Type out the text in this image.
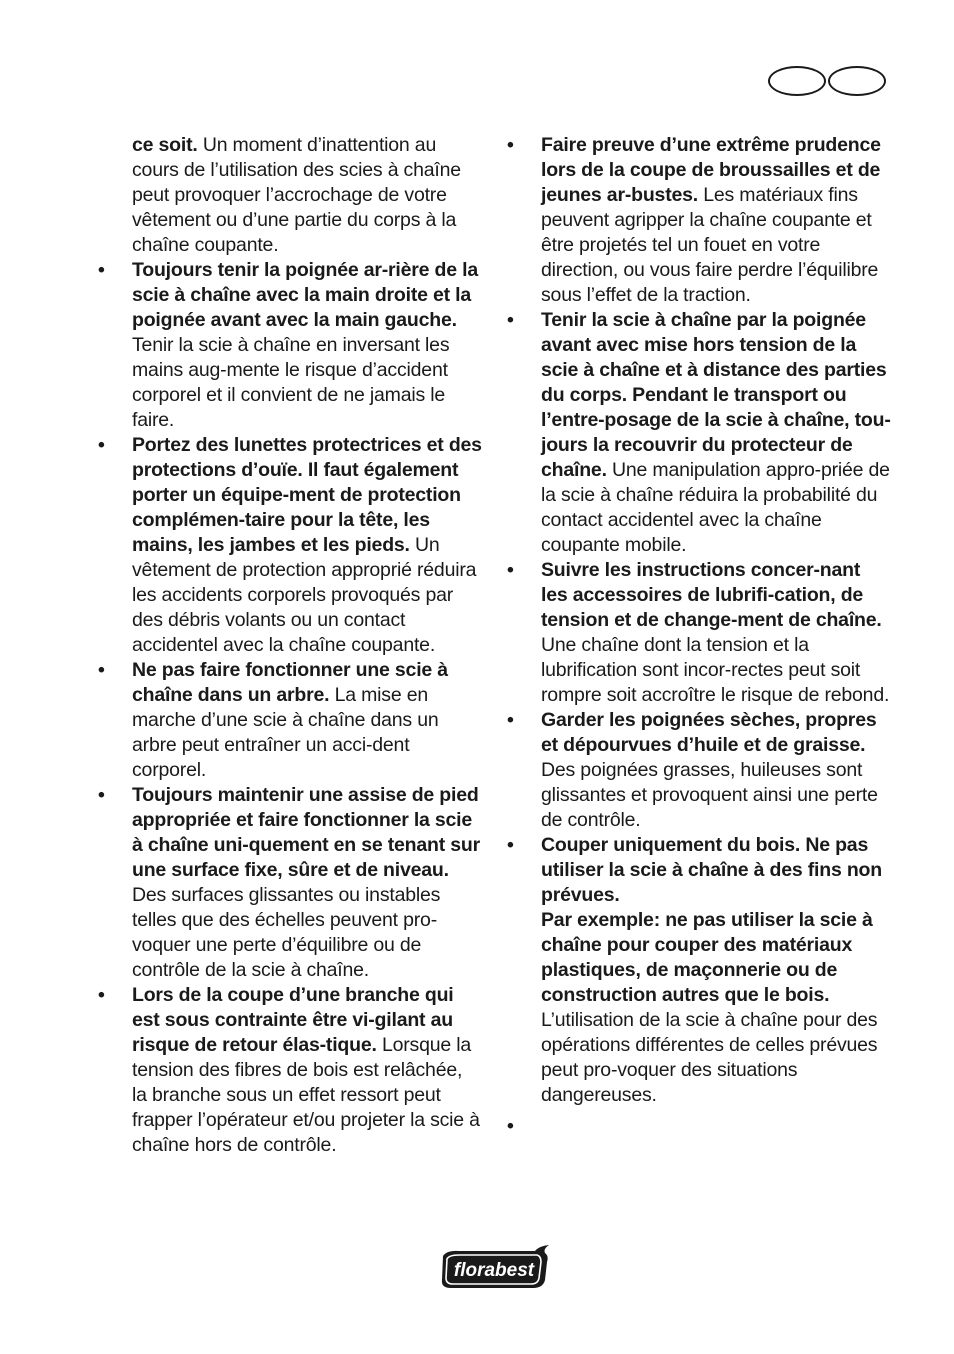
ce soit. Un moment d’inattention au cours de l’utilisation des scies à chaîne peut provoquer l’accrochage de votre vêtement ou d’une partie du corps à la chaîne coupante.
•	Toujours tenir la poignée ar-rière de la scie à chaîne avec la main droite et la poignée avant avec la main gauche. Tenir la scie à chaîne en inversant les mains aug-mente le risque d’accident corporel et il convient de ne jamais le faire.
•	Portez des lunettes protectrices et des protections d’ouïe. Il faut également porter un équipe-ment de protection complémen-taire pour la tête, les mains, les jambes et les pieds. Un vêtement de protection approprié réduira les accidents corporels provoqués par des débris volants ou un contact accidentel avec la chaîne coupante.
•	Ne pas faire fonctionner une scie à chaîne dans un arbre. La mise en marche d’une scie à chaîne dans un arbre peut entraîner un acci-dent corporel.
•	Toujours maintenir une assise de pied appropriée et faire fonctionner la scie à chaîne uni-quement en se tenant sur une surface fixe, sûre et de niveau. Des surfaces glissantes ou instables telles que des échelles peuvent pro-voquer une perte d’équilibre ou de contrôle de la scie à chaîne.
•	Lors de la coupe d’une branche qui est sous contrainte être vi-gilant au risque de retour élas-tique. Lorsque la tension des fibres de bois est relâchée, la branche sous un effet ressort peut frapper l’opérateur et/ou projeter la scie à chaîne hors de contrôle.
•	Faire preuve d’une extrême prudence lors de la coupe de broussailles et de jeunes ar-bustes. Les matériaux fins peuvent agripper la chaîne coupante et être projetés tel un fouet en votre direction, ou vous faire perdre l’équilibre sous l’effet de la traction.
•	Tenir la scie à chaîne par la poignée avant avec mise hors tension de la scie à chaîne et à distance des parties du corps. Pendant le transport ou l’entre-posage de la scie à chaîne, tou-jours la recouvrir du protecteur de chaîne. Une manipulation appro-priée de la scie à chaîne réduira la probabilité du contact accidentel avec la chaîne coupante mobile.
•	Suivre les instructions concer-nant les accessoires de lubrifi-cation, de tension et de change-ment de chaîne. Une chaîne dont la tension et la lubrification sont incor-rectes peut soit rompre soit accroître le risque de rebond.
•	Garder les poignées sèches, propres et dépourvues d’huile et de graisse. Des poignées grasses, huileuses sont glissantes et provoquent ainsi une perte de contrôle.
•	Couper uniquement du bois. Ne pas utiliser la scie à chaîne à des fins non prévues.
Par exemple: ne pas utiliser la scie à chaîne pour couper des matériaux plastiques, de maçonnerie ou de construction autres que le bois.
L’utilisation de la scie à chaîne pour des opérations différentes de celles prévues peut pro-voquer des situations dangereuses.
•
florabest
